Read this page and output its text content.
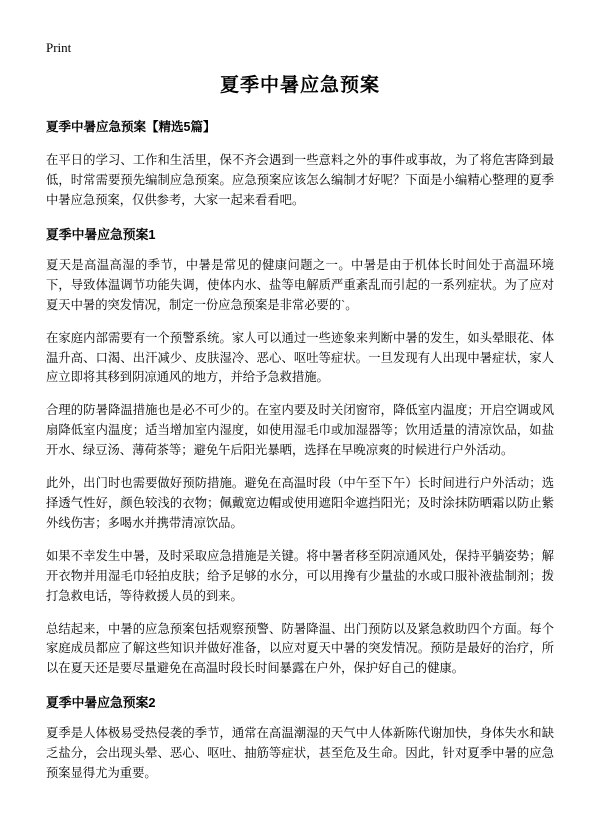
Print
夏季中暑应急预案
夏季中暑应急预案【精选5篇】

在平日的学习、工作和生活里，保不齐会遇到一些意料之外的事件或事故，为了将危害降到最低，时常需要预先编制应急预案。应急预案应该怎么编制才好呢？下面是小编精心整理的夏季中暑应急预案，仅供参考，大家一起来看看吧。

夏季中暑应急预案1

夏天是高温高湿的季节，中暑是常见的健康问题之一。中暑是由于机体长时间处于高温环境下，导致体温调节功能失调，使体内水、盐等电解质严重紊乱而引起的一系列症状。为了应对夏天中暑的突发情况，制定一份应急预案是非常必要的`。

在家庭内部需要有一个预警系统。家人可以通过一些迹象来判断中暑的发生，如头晕眼花、体温升高、口渴、出汗减少、皮肤湿冷、恶心、呕吐等症状。一旦发现有人出现中暑症状，家人应立即将其移到阴凉通风的地方，并给予急救措施。

合理的防暑降温措施也是必不可少的。在室内要及时关闭窗帘，降低室内温度；开启空调或风扇降低室内温度；适当增加室内湿度，如使用湿毛巾或加湿器等；饮用适量的清凉饮品，如盐开水、绿豆汤、薄荷茶等；避免午后阳光暴晒，选择在早晚凉爽的时候进行户外活动。

此外，出门时也需要做好预防措施。避免在高温时段（中午至下午）长时间进行户外活动；选择透气性好，颜色较浅的衣物；佩戴宽边帽或使用遮阳伞遮挡阳光；及时涂抹防晒霜以防止紫外线伤害；多喝水并携带清凉饮品。

如果不幸发生中暑，及时采取应急措施是关键。将中暑者移至阴凉通风处，保持平躺姿势；解开衣物并用湿毛巾轻拍皮肤；给予足够的水分，可以用搀有少量盐的水或口服补液盐制剂；拨打急救电话，等待救援人员的到来。

总结起来，中暑的应急预案包括观察预警、防暑降温、出门预防以及紧急救助四个方面。每个家庭成员都应了解这些知识并做好准备，以应对夏天中暑的突发情况。预防是最好的治疗，所以在夏天还是要尽量避免在高温时段长时间暴露在户外，保护好自己的健康。

夏季中暑应急预案2

夏季是人体极易受热侵袭的季节，通常在高温潮湿的天气中人体新陈代谢加快，身体失水和缺乏盐分，会出现头晕、恶心、呕吐、抽筋等症状，甚至危及生命。因此，针对夏季中暑的应急预案显得尤为重要。
